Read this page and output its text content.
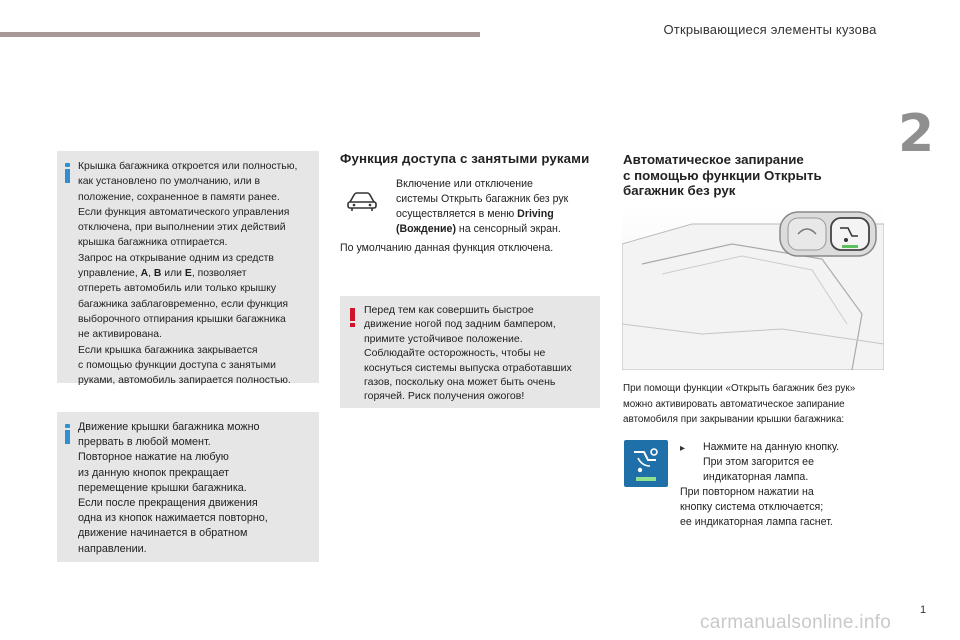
Открывающиеся элементы кузова
2
Крышка багажника откроется или полностью,
как установлено по умолчанию, или в
положение, сохраненное в памяти ранее.
Если функция автоматического управления
отключена, при выполнении этих действий
крышка багажника отпирается.
Запрос на открывание одним из средств
управление, A, B или E, позволяет
отпереть автомобиль или только крышку
багажника заблаговременно, если функция
выборочного отпирания крышки багажника
не активирована.
Если крышка багажника закрывается
с помощью функции доступа с занятыми
руками, автомобиль запирается полностью.
Движение крышки багажника можно
прервать в любой момент.
Повторное нажатие на любую
из данную кнопок прекращает
перемещение крышки багажника.
Если после прекращения движения
одна из кнопок нажимается повторно,
движение начинается в обратном
направлении.
Функция доступа с занятыми руками
Включение или отключение
системы Открыть багажник без рук
осуществляется в меню Driving
(Вождение) на сенсорный экран.
По умолчанию данная функция отключена.
Перед тем как совершить быстрое
движение ногой под задним бампером,
примите устойчивое положение.
Соблюдайте осторожность, чтобы не
коснуться системы выпуска отработавших
газов, поскольку она может быть очень
горячей. Риск получения ожогов!
Автоматическое запирание
с помощью функции Открыть
багажник без рук
При помощи функции «Открыть багажник без рук»
можно активировать автоматическое запирание
автомобиля при закрывании крышки багажника:
▸ Нажмите на данную кнопку.
При этом загорится ее
индикаторная лампа.
При повторном нажатии на
кнопку система отключается;
ее индикаторная лампа гаснет.
carmanualsonline.info
1
